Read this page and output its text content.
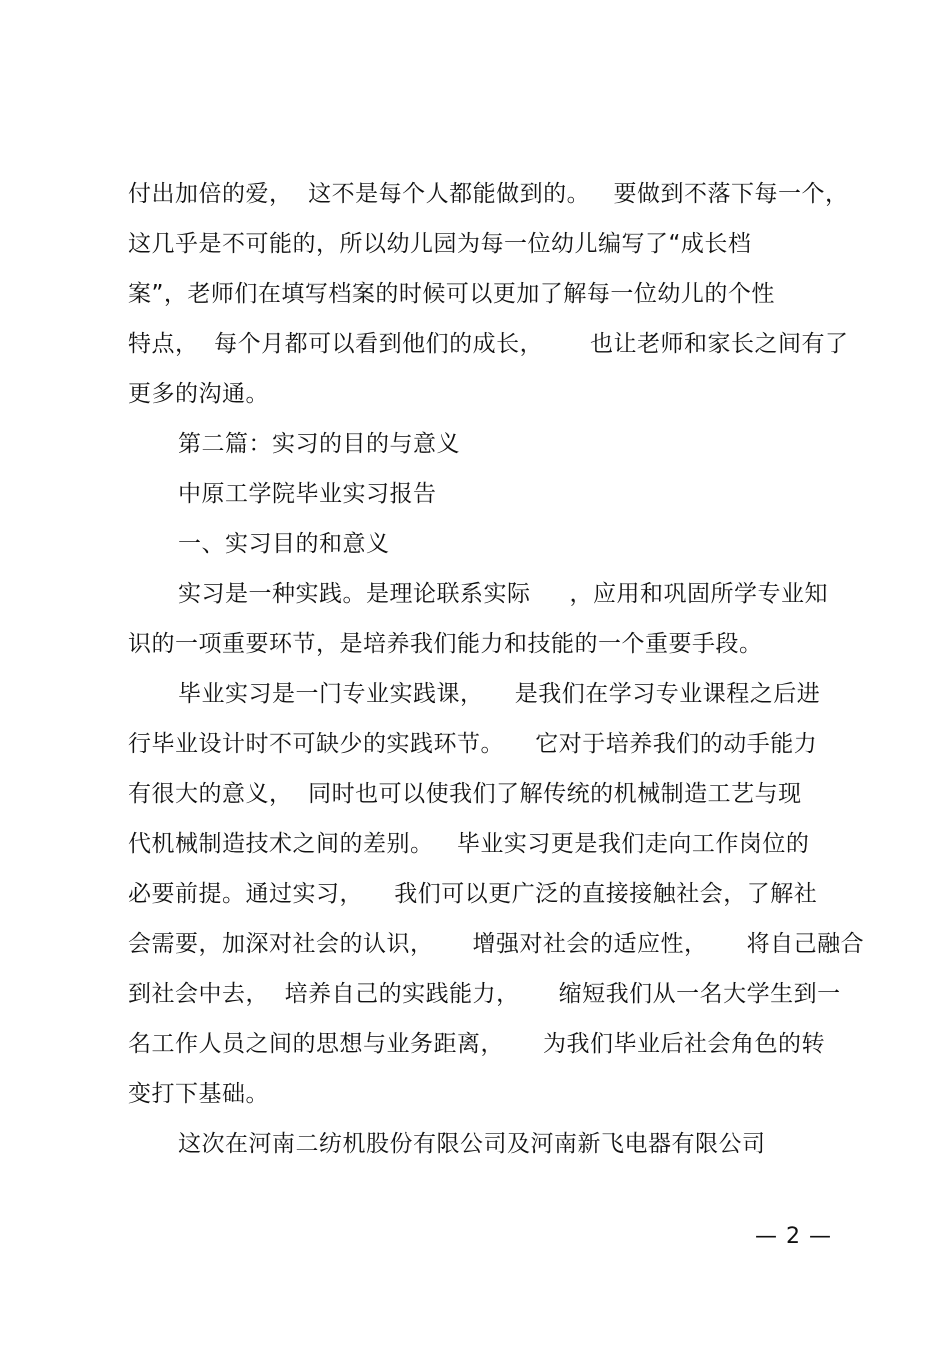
付出加倍的爱，  这不是每个人都能做到的。   要做到不落下每一个，
这几乎是不可能的，所以幼儿园为每一位幼儿编写了“成长档
案”，老师们在填写档案的时候可以更加了解每一位幼儿的个性
特点，  每个月都可以看到他们的成长，      也让老师和家长之间有了
更多的沟通。
第二篇：实习的目的与意义
中原工学院毕业实习报告
一、实习目的和意义
实习是一种实践。是理论联系实际     ，应用和巩固所学专业知
识的一项重要环节，是培养我们能力和技能的一个重要手段。
毕业实习是一门专业实践课，    是我们在学习专业课程之后进
行毕业设计时不可缺少的实践环节。    它对于培养我们的动手能力
有很大的意义，  同时也可以使我们了解传统的机械制造工艺与现
代机械制造技术之间的差别。   毕业实习更是我们走向工作岗位的
必要前提。通过实习，    我们可以更广泛的直接接触社会，了解社
会需要，加深对社会的认识，     增强对社会的适应性，     将自己融合
到社会中去，  培养自己的实践能力，     缩短我们从一名大学生到一
名工作人员之间的思想与业务距离，     为我们毕业后社会角色的转
变打下基础。
这次在河南二纺机股份有限公司及河南新飞电器有限公司
— 2 —
